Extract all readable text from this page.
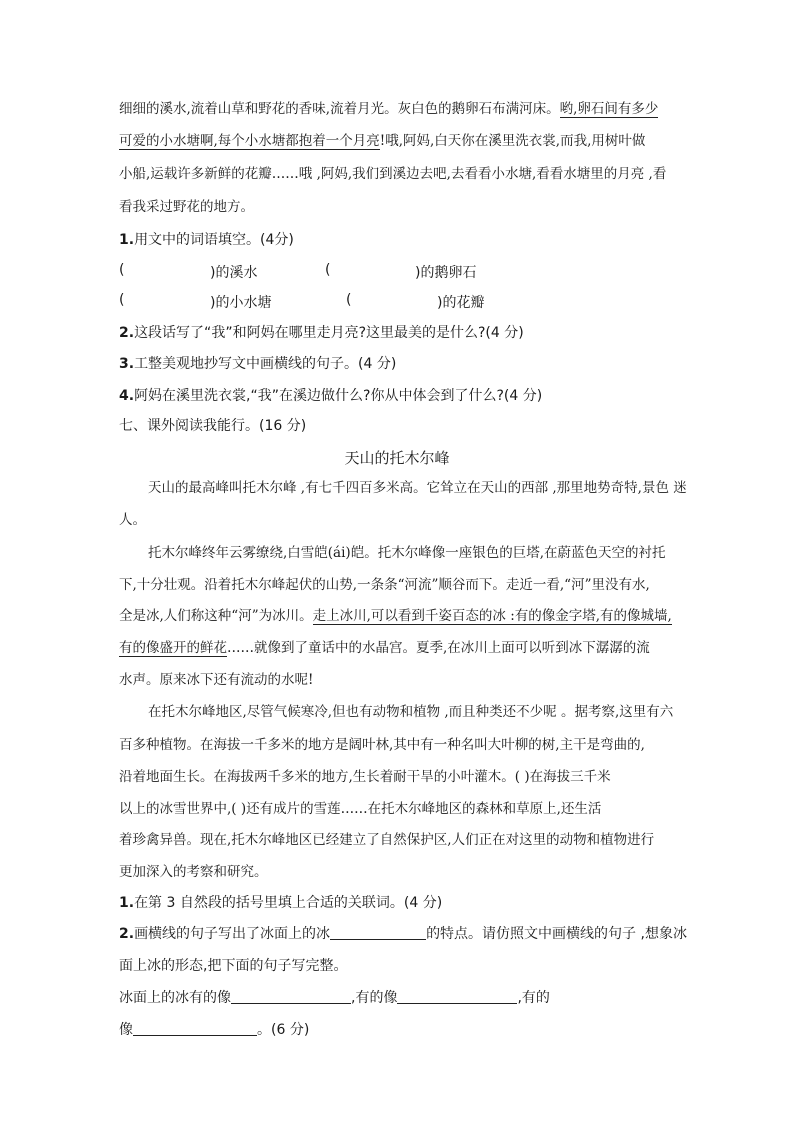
细细的溪水,流着山草和野花的香味,流着月光。灰白色的鹅卵石布满河床。哟,卵石间有多少
可爱的小水塘啊,每个小水塘都抱着一个月亮!哦,阿妈,白天你在溪里洗衣裳,而我,用树叶做
小船,运载许多新鲜的花瓣……哦 ,阿妈,我们到溪边去吧,去看看小水塘,看看水塘里的月亮 ,看
看我采过野花的地方。
1.用文中的词语填空。(4分)
(	)的溪水	(	)的鹅卵石
(	)的小水塘	(	)的花瓣
2.这段话写了“我”和阿妈在哪里走月亮?这里最美的是什么?(4 分)
3.工整美观地抄写文中画横线的句子。(4 分)
4.阿妈在溪里洗衣裳,“我”在溪边做什么?你从中体会到了什么?(4 分)
七、课外阅读我能行。(16 分)
天山的托木尔峰
天山的最高峰叫托木尔峰 ,有七千四百多米高。它耸立在天山的西部 ,那里地势奇特,景色 迷
人。
托木尔峰终年云雾缭绕,白雪皑(ái)皑。托木尔峰像一座银色的巨塔,在蔚蓝色天空的衬托
下,十分壮观。沿着托木尔峰起伏的山势,一条条“河流”顺谷而下。走近一看,“河”里没有水,
全是冰,人们称这种“河”为冰川。走上冰川,可以看到千姿百态的冰 :有的像金字塔,有的像城墙,
有的像盛开的鲜花……就像到了童话中的水晶宫。夏季,在冰川上面可以听到冰下潺潺的流
水声。原来冰下还有流动的水呢!
在托木尔峰地区,尽管气候寒冷,但也有动物和植物 ,而且种类还不少呢 。据考察,这里有六
百多种植物。在海拔一千多米的地方是阔叶林,其中有一种名叫大叶柳的树,主干是弯曲的,
沿着地面生长。在海拔两千多米的地方,生长着耐干旱的小叶灌木。( )在海拔三千米
以上的冰雪世界中,( )还有成片的雪莲……在托木尔峰地区的森林和草原上,还生活
着珍禽异兽。现在,托木尔峰地区已经建立了自然保护区,人们正在对这里的动物和植物进行
更加深入的考察和研究。
1.在第 3 自然段的括号里填上合适的关联词。(4 分)
2.画横线的句子写出了冰面上的冰	的特点。请仿照文中画横线的句子 ,想象冰
面上冰的形态,把下面的句子写完整。
冰面上的冰有的像	,有的像	,有的
像	。(6 分)
